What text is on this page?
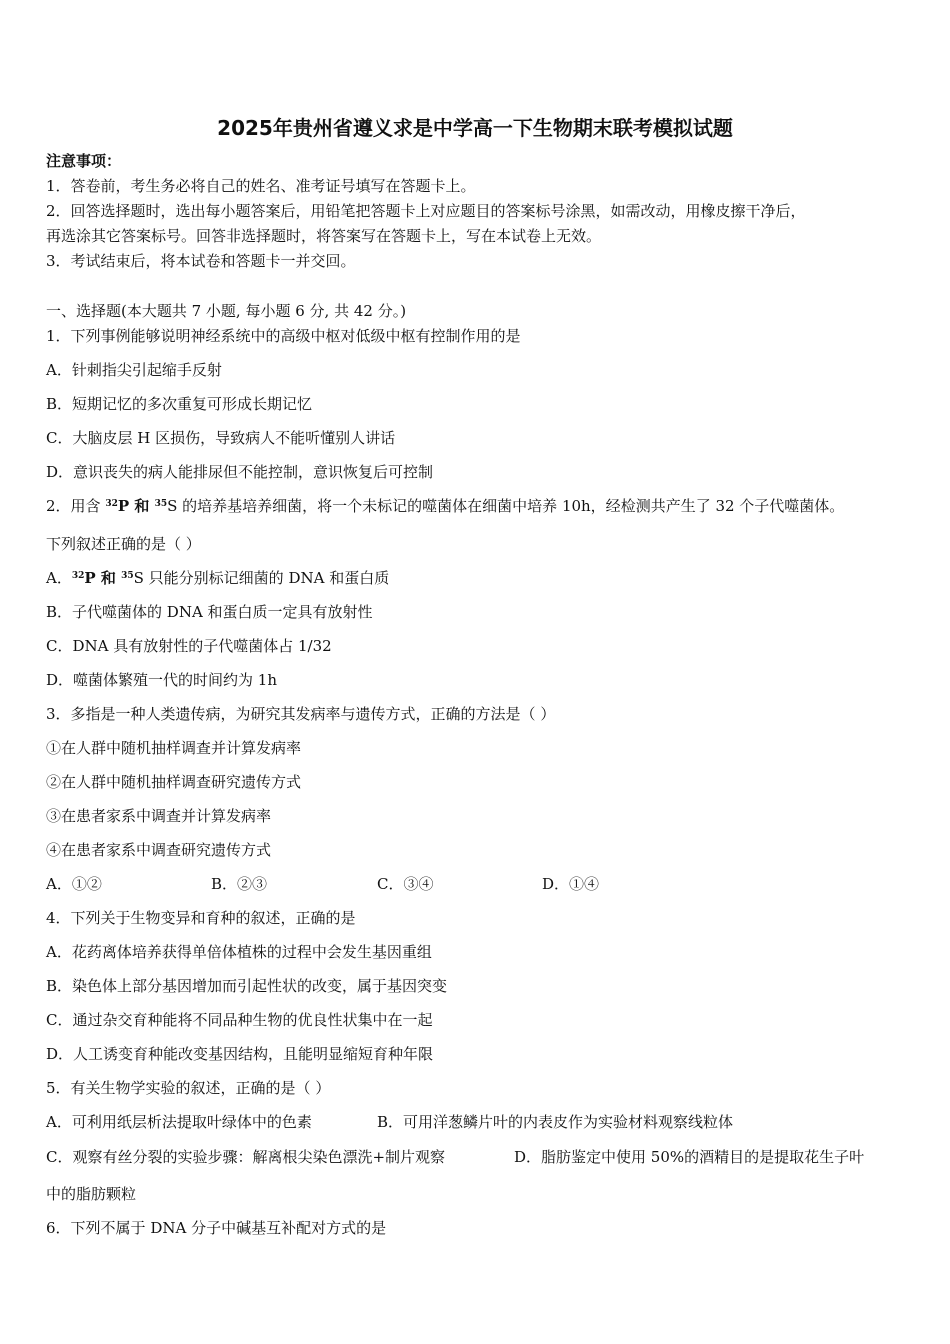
2025年贵州省遵义求是中学高一下生物期末联考模拟试题
注意事项：
1．答卷前，考生务必将自己的姓名、准考证号填写在答题卡上。
2．回答选择题时，选出每小题答案后，用铅笔把答题卡上对应题目的答案标号涂黑，如需改动，用橡皮擦干净后，
再选涂其它答案标号。回答非选择题时，将答案写在答题卡上，写在本试卷上无效。
3．考试结束后，将本试卷和答题卡一并交回。
一、选择题(本大题共 7 小题, 每小题 6 分, 共 42 分。)
1．下列事例能够说明神经系统中的高级中枢对低级中枢有控制作用的是
A．针刺指尖引起缩手反射
B．短期记忆的多次重复可形成长期记忆
C．大脑皮层 H 区损伤，导致病人不能听懂别人讲话
D．意识丧失的病人能排尿但不能控制，意识恢复后可控制
2．用含 $^{32}$P 和 $^{35}$S 的培养基培养细菌，将一个未标记的噬菌体在细菌中培养 10h，经检测共产生了 32 个子代噬菌体。
下列叙述正确的是（ ）
A．$^{32}$P 和 $^{35}$S 只能分别标记细菌的 DNA 和蛋白质
B．子代噬菌体的 DNA 和蛋白质一定具有放射性
C．DNA 具有放射性的子代噬菌体占 1/32
D．噬菌体繁殖一代的时间约为 1h
3．多指是一种人类遗传病，为研究其发病率与遗传方式，正确的方法是（ ）
①在人群中随机抽样调查并计算发病率
②在人群中随机抽样调查研究遗传方式
③在患者家系中调查并计算发病率
④在患者家系中调查研究遗传方式
A．①②	B．②③	C．③④	D．①④
4．下列关于生物变异和育种的叙述，正确的是
A．花药离体培养获得单倍体植株的过程中会发生基因重组
B．染色体上部分基因增加而引起性状的改变，属于基因突变
C．通过杂交育种能将不同品种生物的优良性状集中在一起
D．人工诱变育种能改变基因结构，且能明显缩短育种年限
5．有关生物学实验的叙述，正确的是（ ）
A．可利用纸层析法提取叶绿体中的色素	B．可用洋葱鳞片叶的内表皮作为实验材料观察线粒体
C．观察有丝分裂的实验步骤：解离根尖染色漂洗+制片观察	D．脂肪鉴定中使用 50%的酒精目的是提取花生子叶
中的脂肪颗粒
6．下列不属于 DNA 分子中碱基互补配对方式的是
